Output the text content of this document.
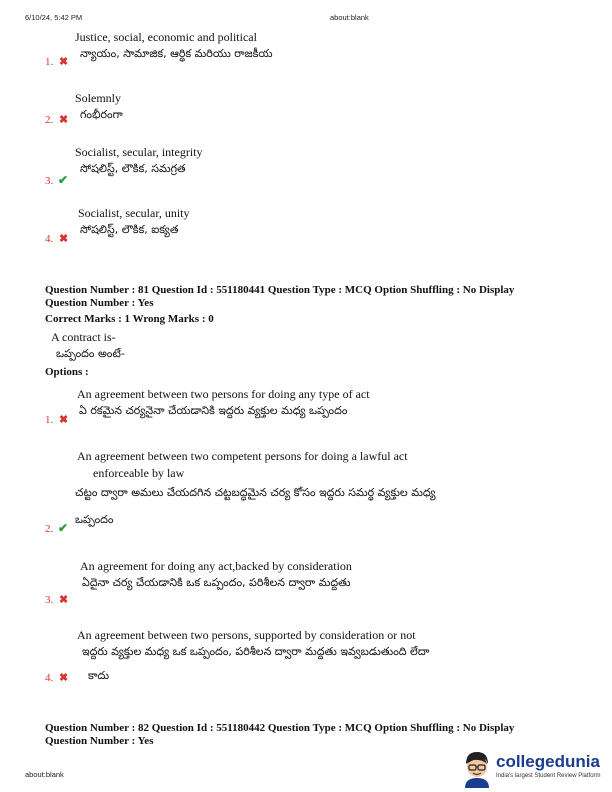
6/10/24, 5:42 PM	about:blank
Justice, social, economic and political
న్యాయం, సామాజిక, ఆర్థిక మరియు రాజకీయ
1. ✖
Solemnly
గంభీరంగా
2. ✖
Socialist, secular, integrity
సోషలిస్ట్, లౌకిక, సమగ్రత
3. ✔
Socialist, secular, unity
సోషలిస్ట్, లౌకిక, ఐక్యత
4. ✖
Question Number : 81 Question Id : 551180441 Question Type : MCQ Option Shuffling : No Display
Question Number : Yes
Correct Marks : 1 Wrong Marks : 0
A contract is-
ఒప్పందం అంటే-
Options :
An agreement between two persons for doing any type of act
ఏ రకమైన చర్యనైనా చేయడానికి ఇద్దరు వ్యక్తుల మధ్య ఒప్పందం
1. ✖
An agreement between two competent persons for doing a lawful act
enforceable by law
చట్టం ద్వారా అమలు చేయదగిన చట్టబద్ధమైన చర్య కోసం ఇద్దరు సమర్థ వ్యక్తుల మధ్య
ఒప్పందం
2. ✔
An agreement for doing any act,backed by consideration
ఏదైనా చర్య చేయడానికి ఒక ఒప్పందం, పరిశీలన ద్వారా మద్దతు
3. ✖
An agreement between two persons, supported by consideration or not
ఇద్దరు వ్యక్తుల మధ్య ఒక ఒప్పందం, పరిశీలన ద్వారా మద్దతు ఇవ్వబడుతుంది లేదా
కాదు
4. ✖
Question Number : 82 Question Id : 551180442 Question Type : MCQ Option Shuffling : No Display
Question Number : Yes
about:blank
collegedunia
India's largest Student Review Platform
